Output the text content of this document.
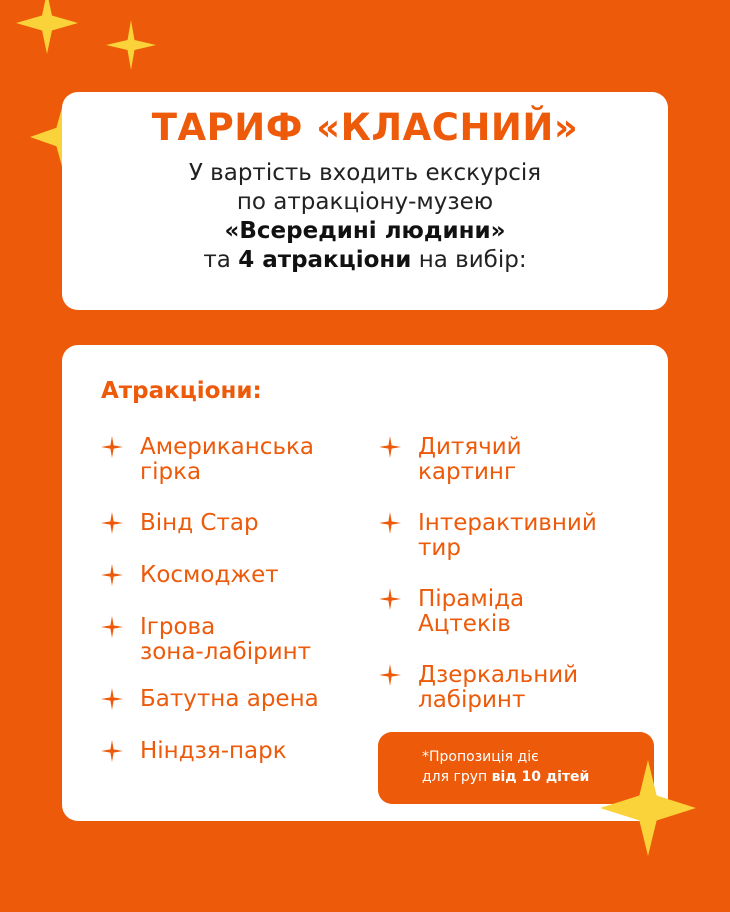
ТАРИФ «КЛАСНИЙ»
У вартість входить екскурсія
по атракціону-музею
«Всередині людини»
та 4 атракціони на вибір:
Атракціони:
Американська
гірка
Вінд Стар
Космоджет
Ігрова
зона-лабіринт
Батутна арена
Ніндзя-парк
Дитячий
картинг
Інтерактивний
тир
Піраміда
Ацтеків
Дзеркальний
лабіринт
*Пропозиція діє
для груп від 10 дітей
